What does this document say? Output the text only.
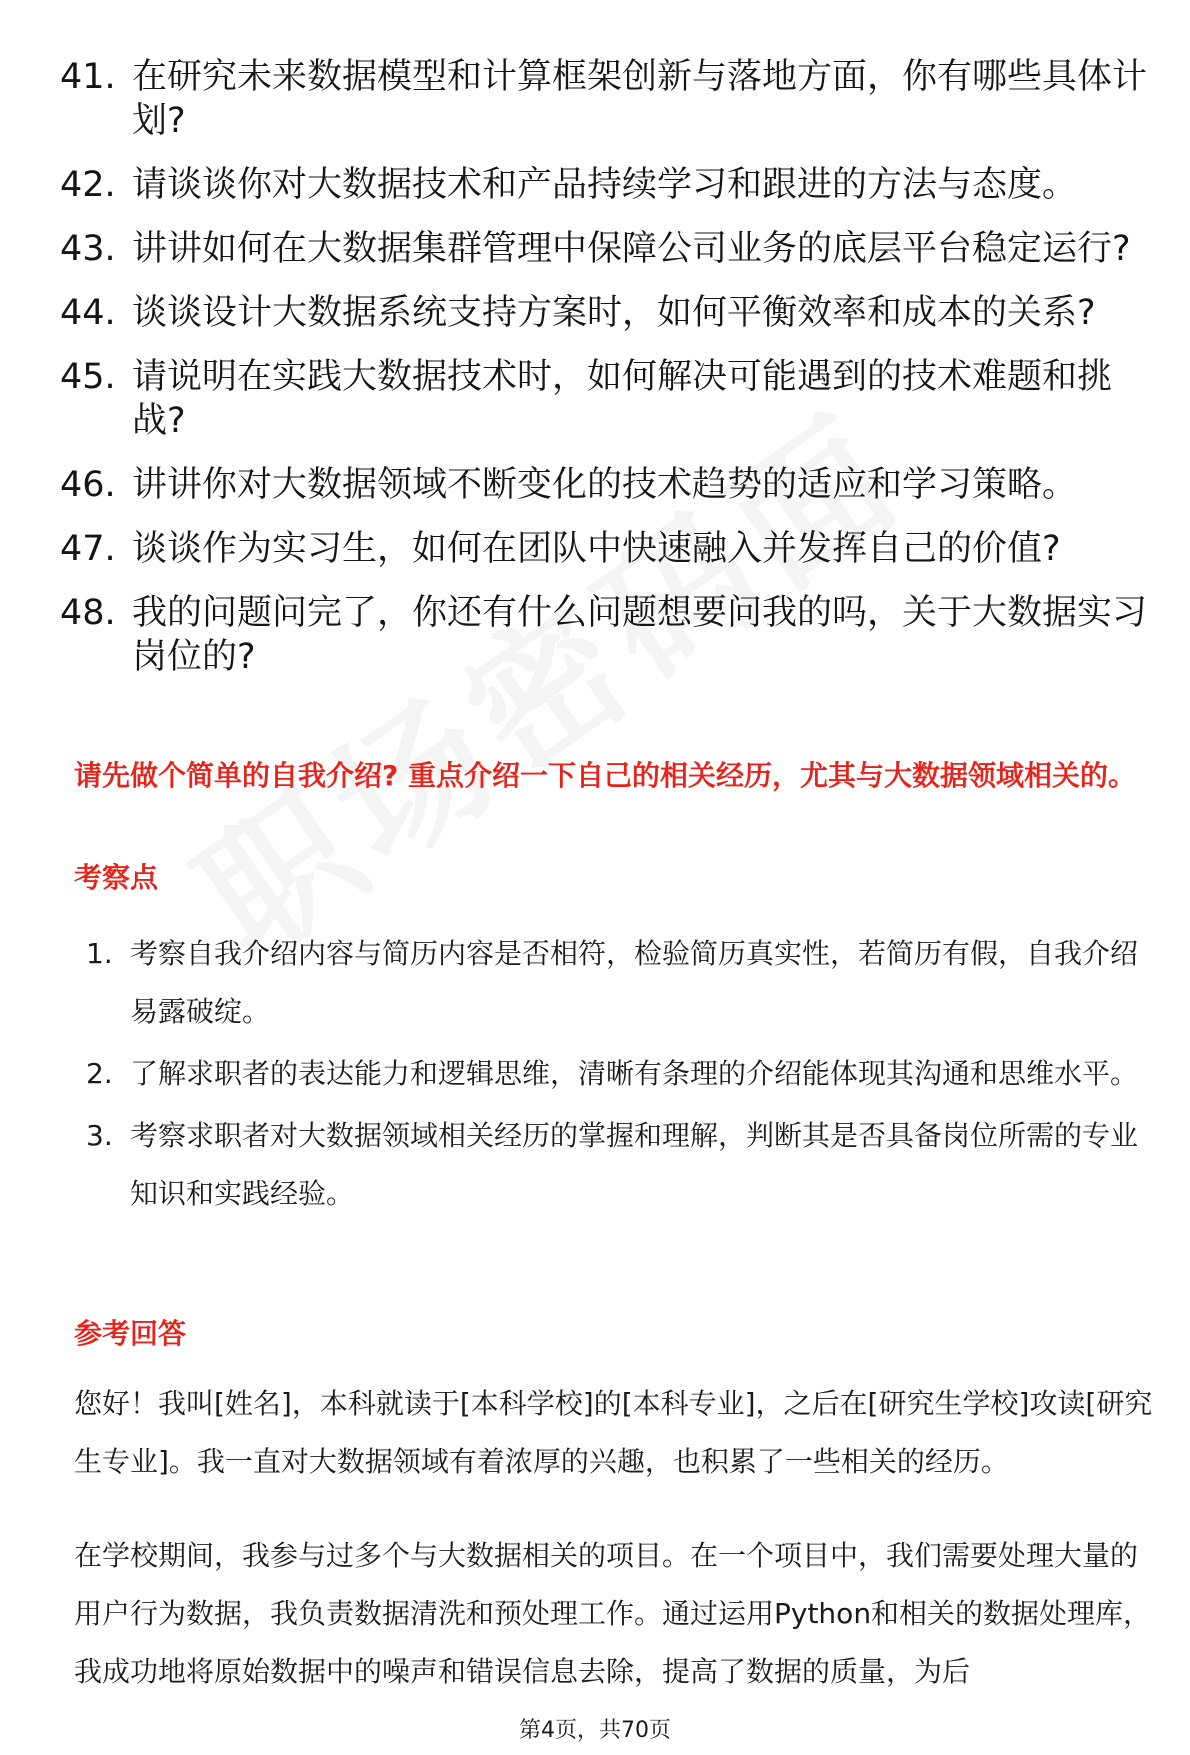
41. 在研究未来数据模型和计算框架创新与落地方面，你有哪些具体计划?
42. 请谈谈你对大数据技术和产品持续学习和跟进的方法与态度。
43. 讲讲如何在大数据集群管理中保障公司业务的底层平台稳定运行?
44. 谈谈设计大数据系统支持方案时，如何平衡效率和成本的关系?
45. 请说明在实践大数据技术时，如何解决可能遇到的技术难题和挑战?
46. 讲讲你对大数据领域不断变化的技术趋势的适应和学习策略。
47. 谈谈作为实习生，如何在团队中快速融入并发挥自己的价值?
48. 我的问题问完了，你还有什么问题想要问我的吗，关于大数据实习岗位的?
请先做个简单的自我介绍? 重点介绍一下自己的相关经历，尤其与大数据领域相关的。
考察点
1. 考察自我介绍内容与简历内容是否相符，检验简历真实性，若简历有假，自我介绍易露破绽。
2. 了解求职者的表达能力和逻辑思维，清晰有条理的介绍能体现其沟通和思维水平。
3. 考察求职者对大数据领域相关经历的掌握和理解，判断其是否具备岗位所需的专业知识和实践经验。
参考回答
您好！我叫[姓名]，本科就读于[本科学校]的[本科专业]，之后在[研究生学校]攻读[研究生专业]。我一直对大数据领域有着浓厚的兴趣，也积累了一些相关的经历。
在学校期间，我参与过多个与大数据相关的项目。在一个项目中，我们需要处理大量的用户行为数据，我负责数据清洗和预处理工作。通过运用Python和相关的数据处理库，我成功地将原始数据中的噪声和错误信息去除，提高了数据的质量，为后
第4页，共70页
